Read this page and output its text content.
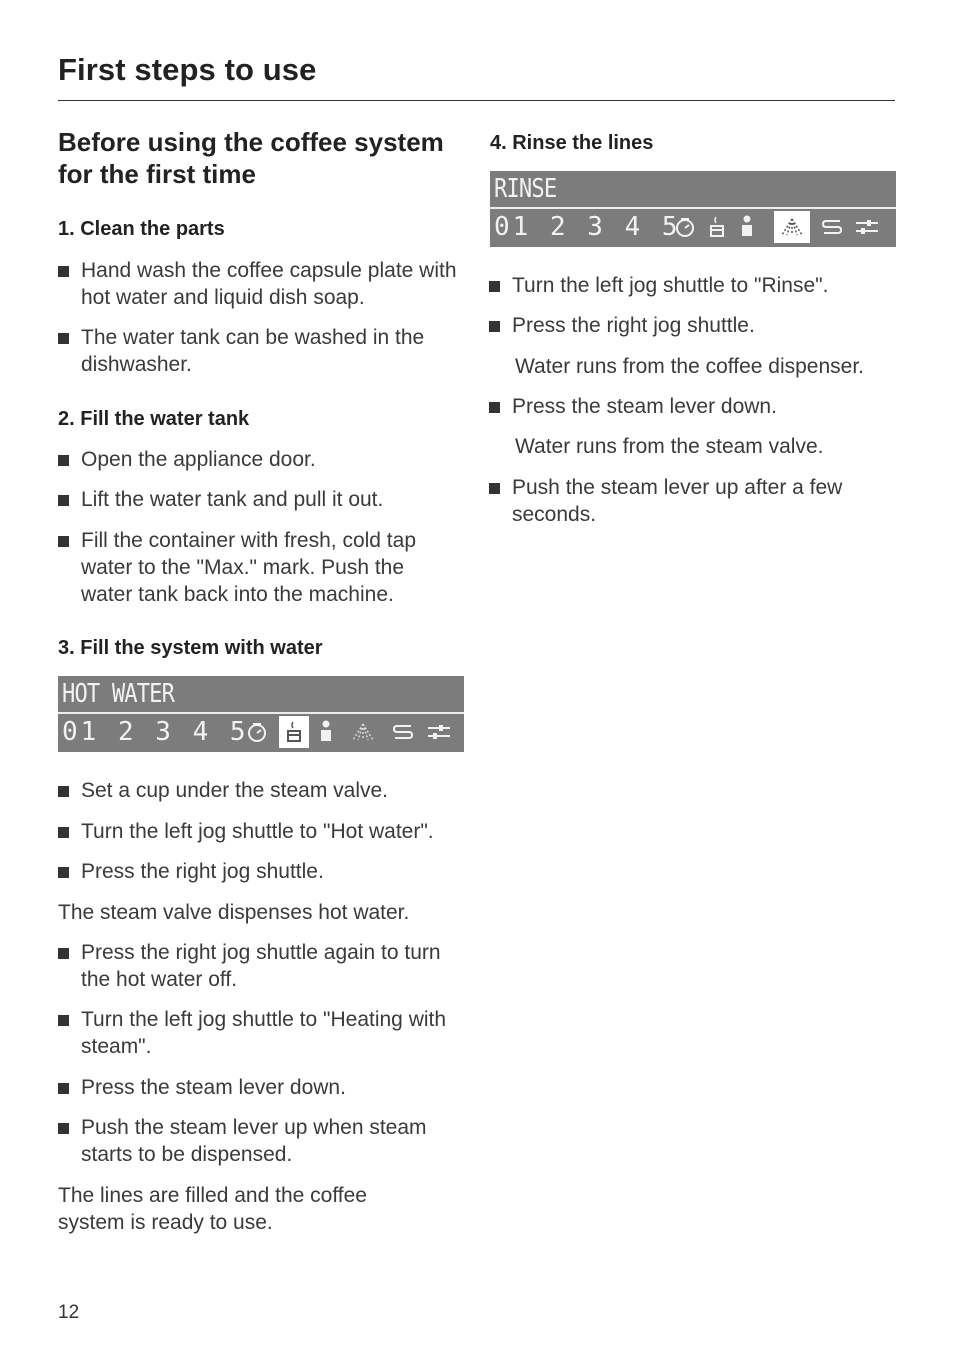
First steps to use
Before using the coffee system for the first time
1. Clean the parts
Hand wash the coffee capsule plate with hot water and liquid dish soap.
The water tank can be washed in the dishwasher.
2. Fill the water tank
Open the appliance door.
Lift the water tank and pull it out.
Fill the container with fresh, cold tap water to the "Max." mark. Push the water tank back into the machine.
3. Fill the system with water
HOT WATER
01 2 3 4 5
Set a cup under the steam valve.
Turn the left jog shuttle to "Hot water".
Press the right jog shuttle.
The steam valve dispenses hot water.
Press the right jog shuttle again to turn the hot water off.
Turn the left jog shuttle to "Heating with steam".
Press the steam lever down.
Push the steam lever up when steam starts to be dispensed.
The lines are filled and the coffee system is ready to use.
4. Rinse the lines
RINSE
01 2 3 4 5
Turn the left jog shuttle to "Rinse".
Press the right jog shuttle.
Water runs from the coffee dispenser.
Press the steam lever down.
Water runs from the steam valve.
Push the steam lever up after a few seconds.
12
